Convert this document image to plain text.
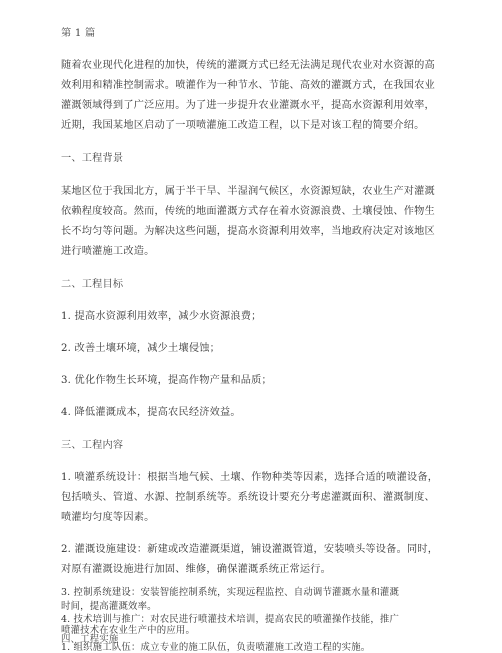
第 1 篇
随着农业现代化进程的加快，传统的灌溉方式已经无法满足现代农业对水资源的高
效利用和精准控制需求。喷灌作为一种节水、节能、高效的灌溉方式，在我国农业
灌溉领域得到了广泛应用。为了进一步提升农业灌溉水平，提高水资源利用效率，
近期，我国某地区启动了一项喷灌施工改造工程，以下是对该工程的简要介绍。
一、工程背景
某地区位于我国北方，属于半干旱、半湿润气候区，水资源短缺，农业生产对灌溉
依赖程度较高。然而，传统的地面灌溉方式存在着水资源浪费、土壤侵蚀、作物生
长不均匀等问题。为解决这些问题，提高水资源利用效率，当地政府决定对该地区
进行喷灌施工改造。
二、工程目标
1. 提高水资源利用效率，减少水资源浪费；
2. 改善土壤环境，减少土壤侵蚀；
3. 优化作物生长环境，提高作物产量和品质；
4. 降低灌溉成本，提高农民经济效益。
三、工程内容
1. 喷灌系统设计：根据当地气候、土壤、作物种类等因素，选择合适的喷灌设备，
包括喷头、管道、水源、控制系统等。系统设计要充分考虑灌溉面积、灌溉制度、
喷灌均匀度等因素。
2. 灌溉设施建设：新建或改造灌溉渠道，铺设灌溉管道，安装喷头等设备。同时，
对原有灌溉设施进行加固、维修，确保灌溉系统正常运行。
3. 控制系统建设：安装智能控制系统，实现远程监控、自动调节灌溉水量和灌溉
时间，提高灌溉效率。
4. 技术培训与推广：对农民进行喷灌技术培训，提高农民的喷灌操作技能，推广
喷灌技术在农业生产中的应用。
四、工程实施
1. 组织施工队伍：成立专业的施工队伍，负责喷灌施工改造工程的实施。
